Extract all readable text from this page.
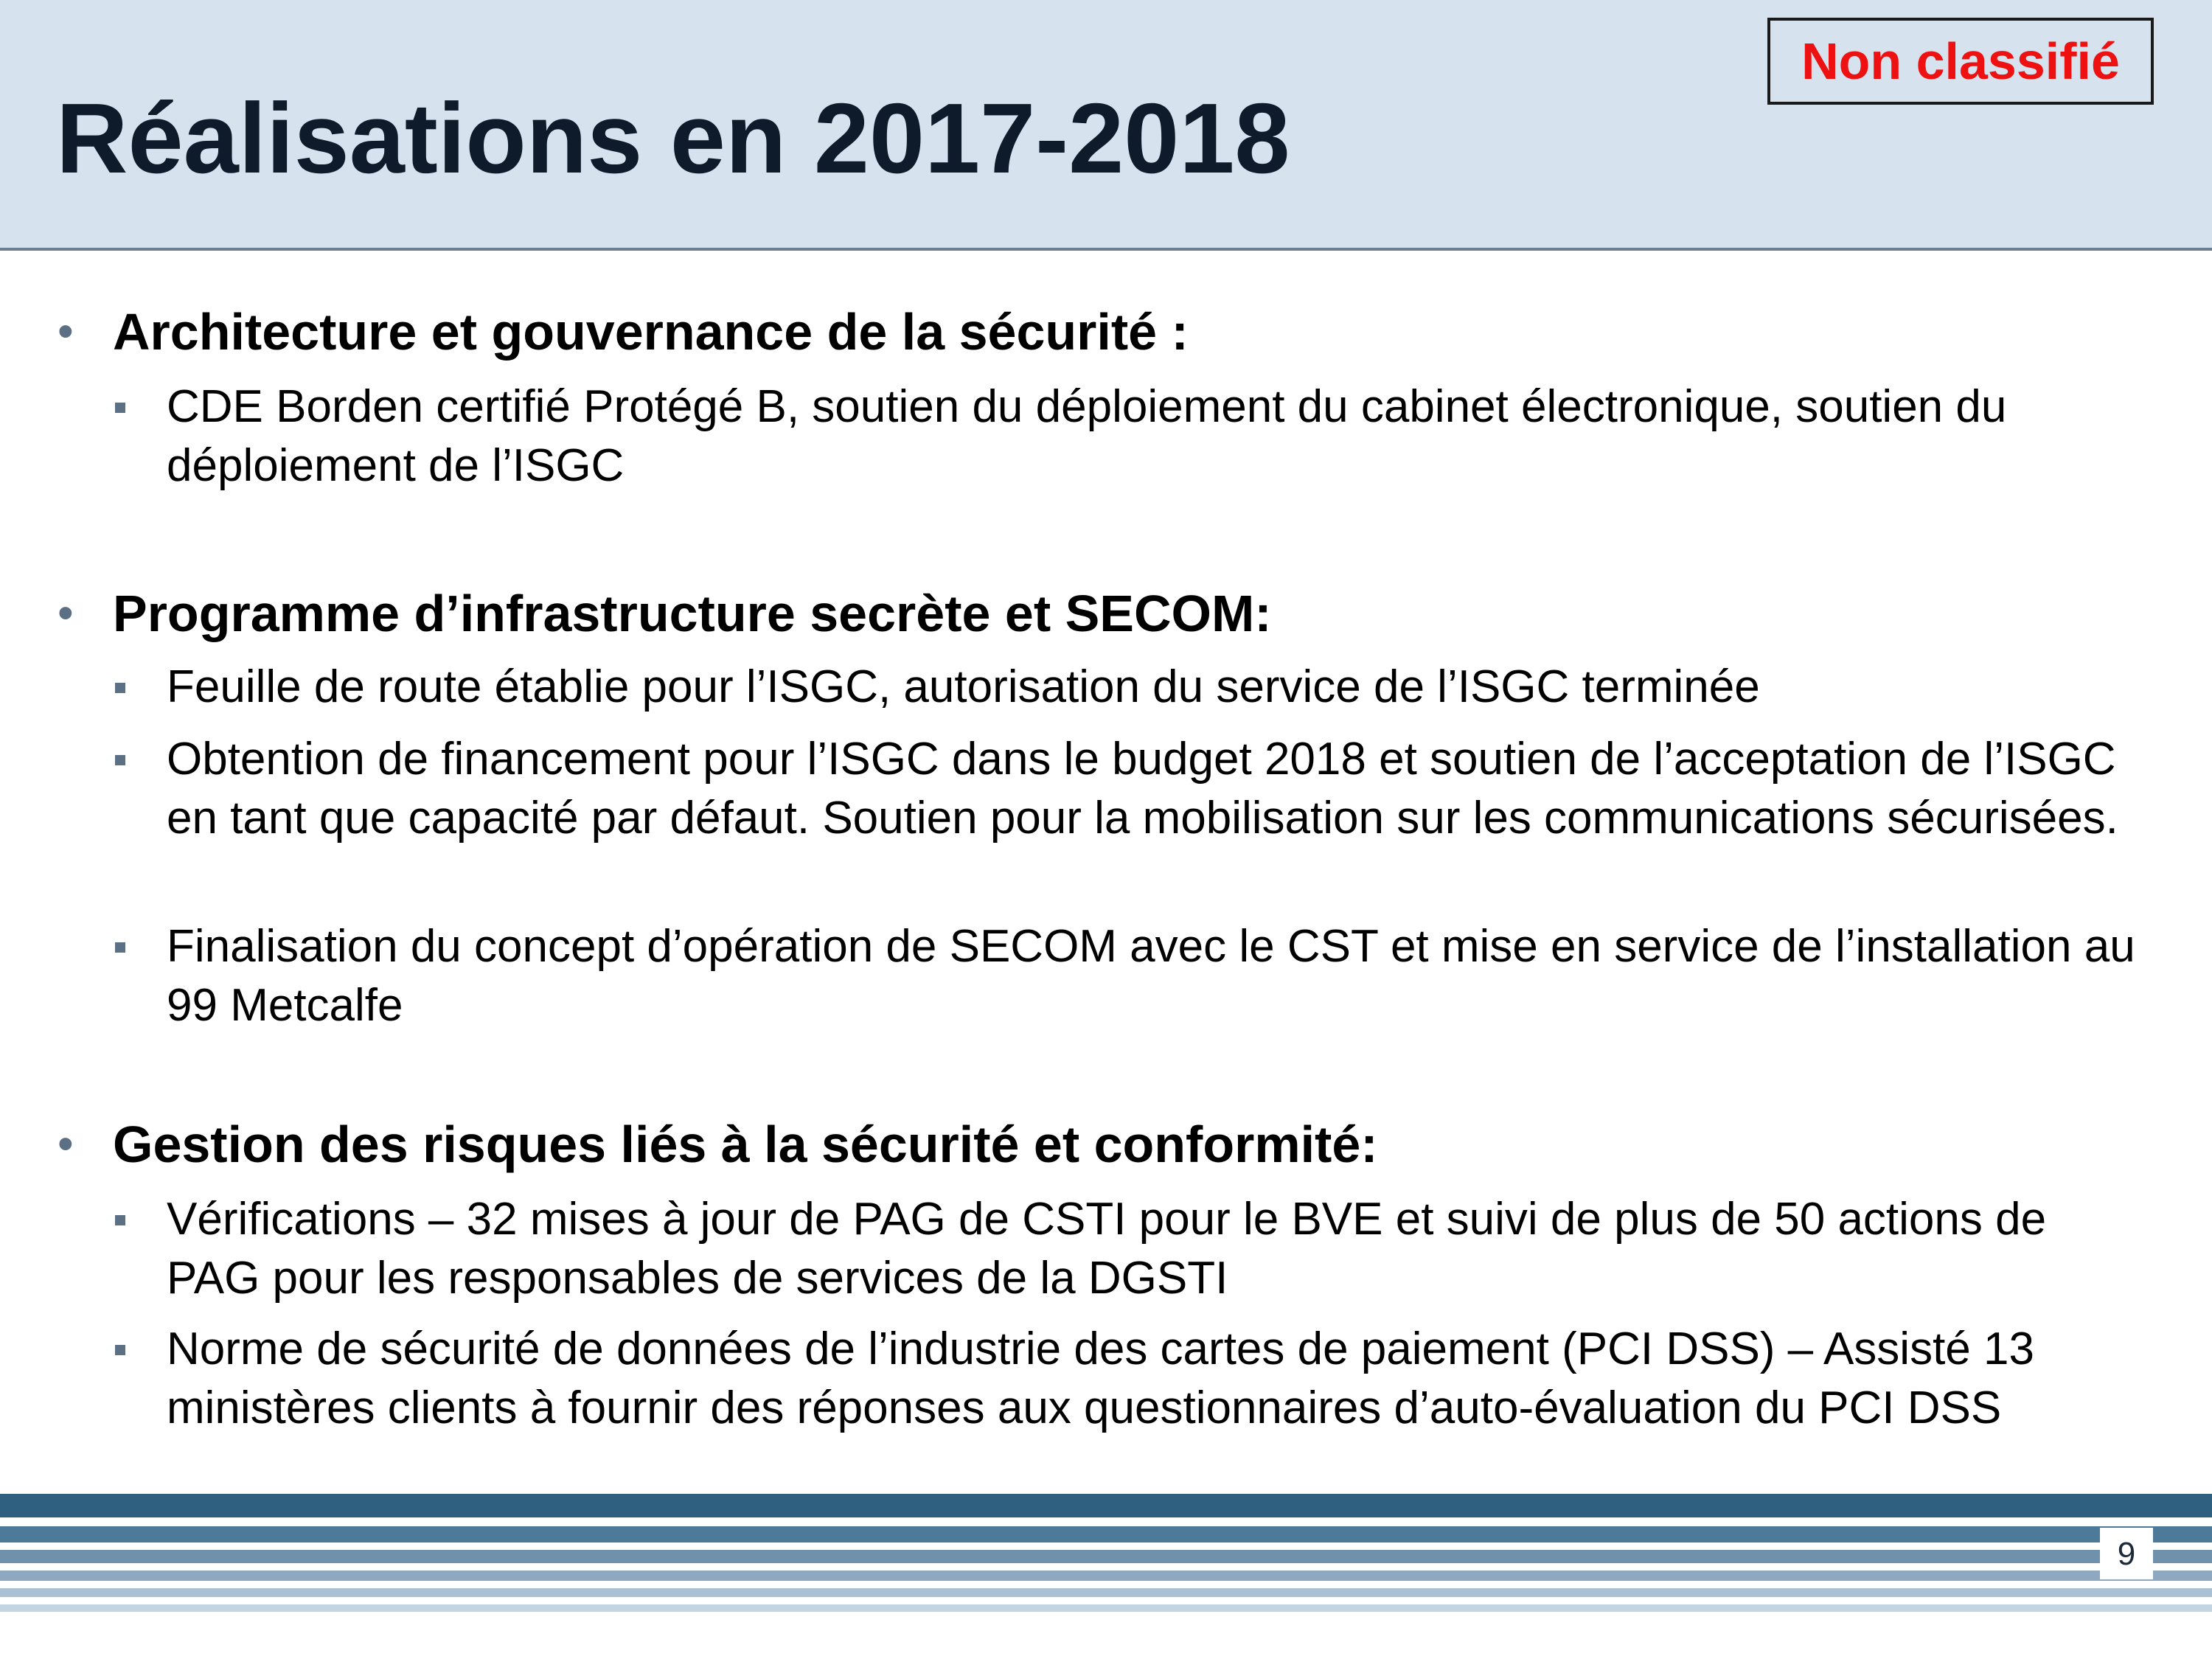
Réalisations en 2017-2018
Non classifié
• Architecture et gouvernance de la sécurité :
CDE Borden certifié Protégé B, soutien du déploiement du cabinet électronique, soutien du déploiement de l’ISGC
• Programme d’infrastructure secrète et SECOM:
Feuille de route établie pour l’ISGC, autorisation du service de l’ISGC terminée
Obtention de financement pour l’ISGC dans le budget 2018 et soutien de l’acceptation de l’ISGC en tant que capacité par défaut. Soutien pour la mobilisation sur les communications sécurisées.
Finalisation du concept d’opération de SECOM avec le CST et mise en service de l’installation au 99 Metcalfe
• Gestion des risques liés à la sécurité et conformité:
Vérifications – 32 mises à jour de PAG de CSTI pour le BVE et suivi de plus de 50 actions de PAG pour les responsables de services de la DGSTI
Norme de sécurité de données de l’industrie des cartes de paiement (PCI DSS) – Assisté 13 ministères clients à fournir des réponses aux questionnaires d’auto-évaluation du PCI DSS
9
